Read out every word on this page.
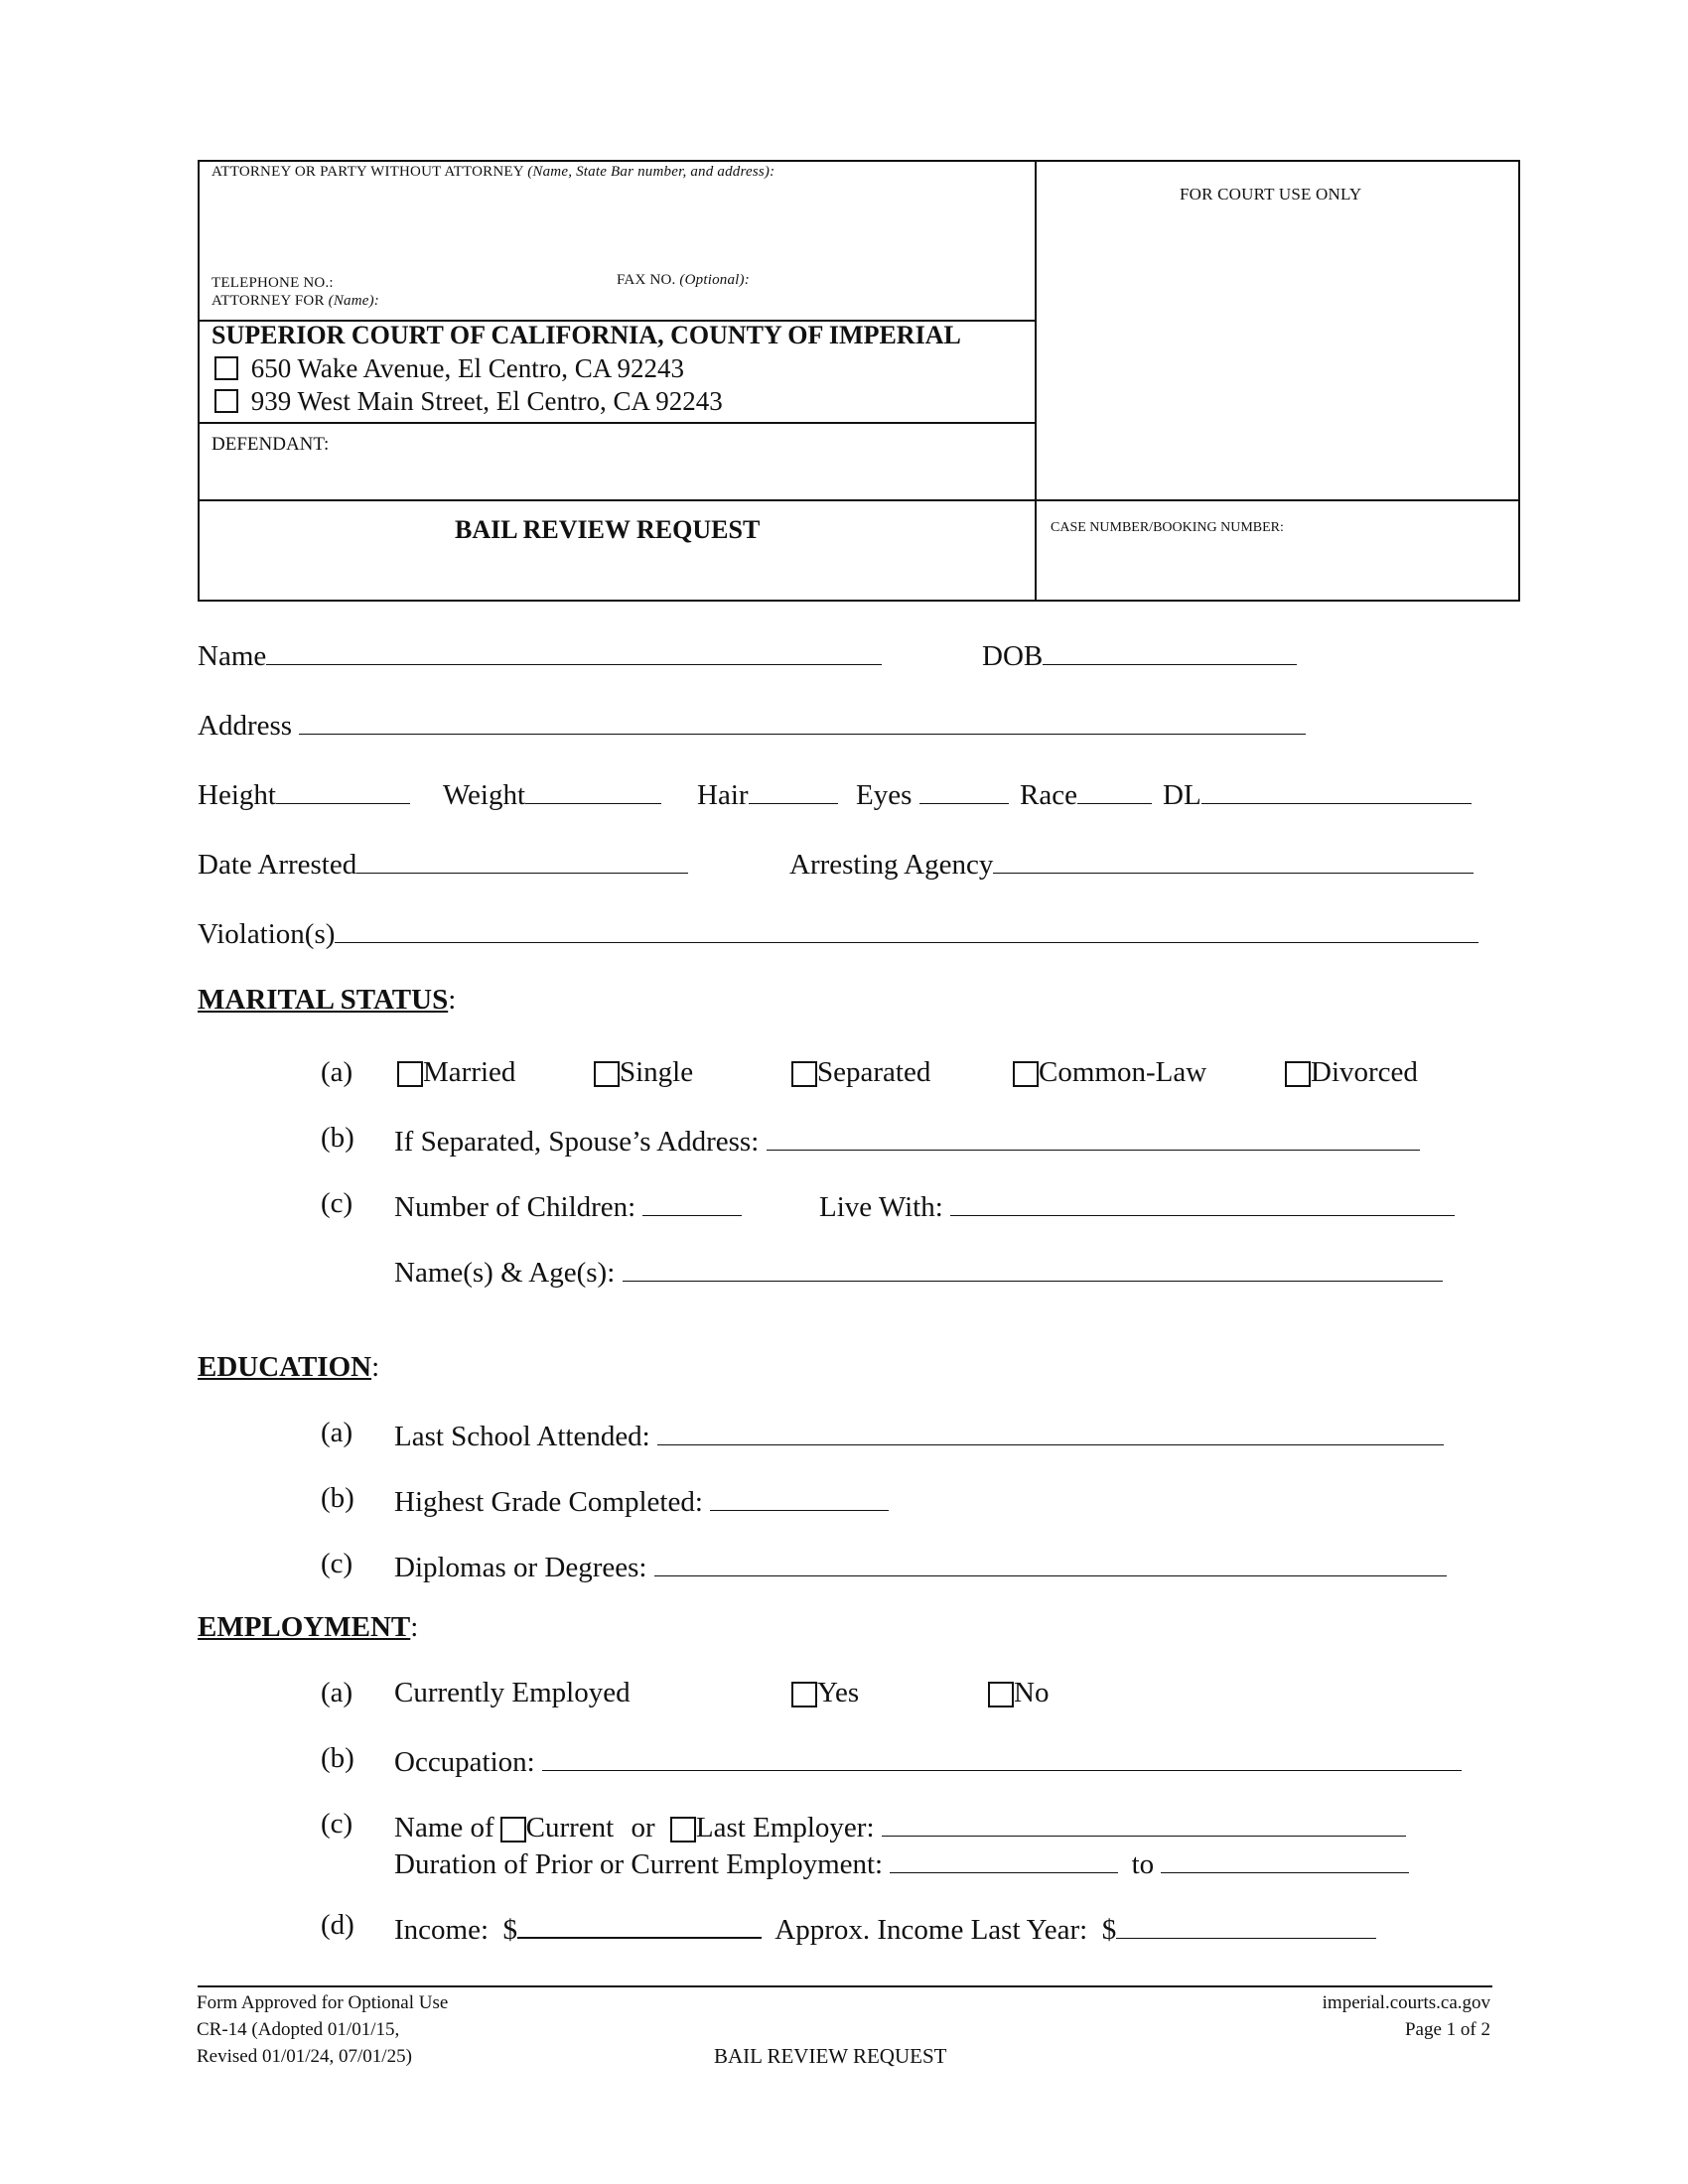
ATTORNEY OR PARTY WITHOUT ATTORNEY (Name, State Bar number, and address):
TELEPHONE NO.:	FAX NO. (Optional):
ATTORNEY FOR (Name):
FOR COURT USE ONLY
SUPERIOR COURT OF CALIFORNIA, COUNTY OF IMPERIAL
650 Wake Avenue, El Centro, CA 92243
939 West Main Street, El Centro, CA 92243
DEFENDANT:
BAIL REVIEW REQUEST	CASE NUMBER/BOOKING NUMBER:
Name	DOB
Address
Height	Weight	Hair	Eyes	Race	DL
Date Arrested	Arresting Agency
Violation(s)
MARITAL STATUS:
(a)	Married	Single	Separated	Common-Law	Divorced
(b) If Separated, Spouse’s Address:
(c) Number of Children:	Live With:
Name(s) & Age(s):
EDUCATION:
(a) Last School Attended:
(b) Highest Grade Completed:
(c) Diplomas or Degrees:
EMPLOYMENT:
(a) Currently Employed	Yes	No
(b) Occupation:
(c) Name of Current or Last Employer:
Duration of Prior or Current Employment:	to
(d) Income: $	Approx. Income Last Year: $
Form Approved for Optional Use
CR-14 (Adopted 01/01/15,
Revised 01/01/24, 07/01/25)	BAIL REVIEW REQUEST
imperial.courts.ca.gov
Page 1 of 2
